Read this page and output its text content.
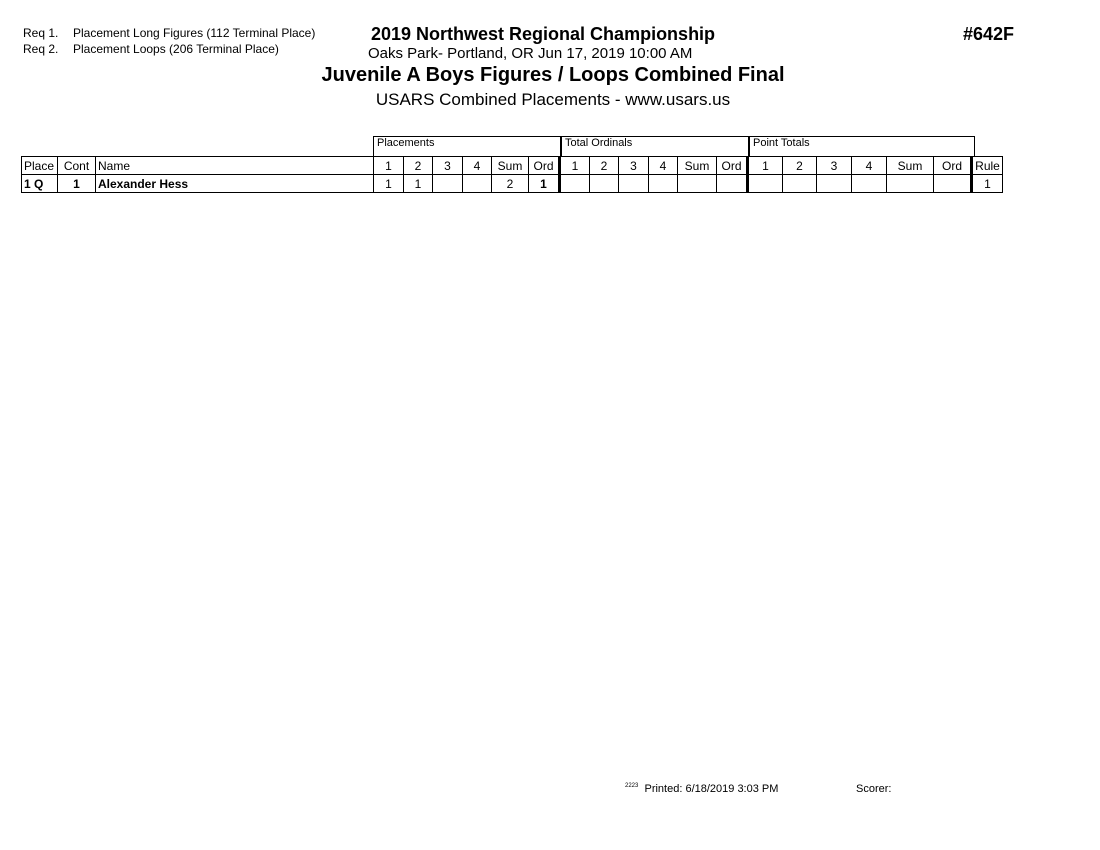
Req 1. Placement Long Figures (112 Terminal Place)
Req 2. Placement Loops (206 Terminal Place)
2019 Northwest Regional Championship
Oaks Park- Portland, OR Jun 17, 2019 10:00 AM
Juvenile A Boys Figures / Loops Combined Final
USARS Combined Placements - www.usars.us
#642F
Placements	Total Ordinals	Point Totals
Place	Cont	Name	1	2	3	4	Sum	Ord	1	2	3	4	Sum	Ord	1	2	3	4	Sum	Ord	Rule
1 Q	1	Alexander Hess	1	1			2	1													1
$^{2223}$ Printed: 6/18/2019 3:03 PM	Scorer:
